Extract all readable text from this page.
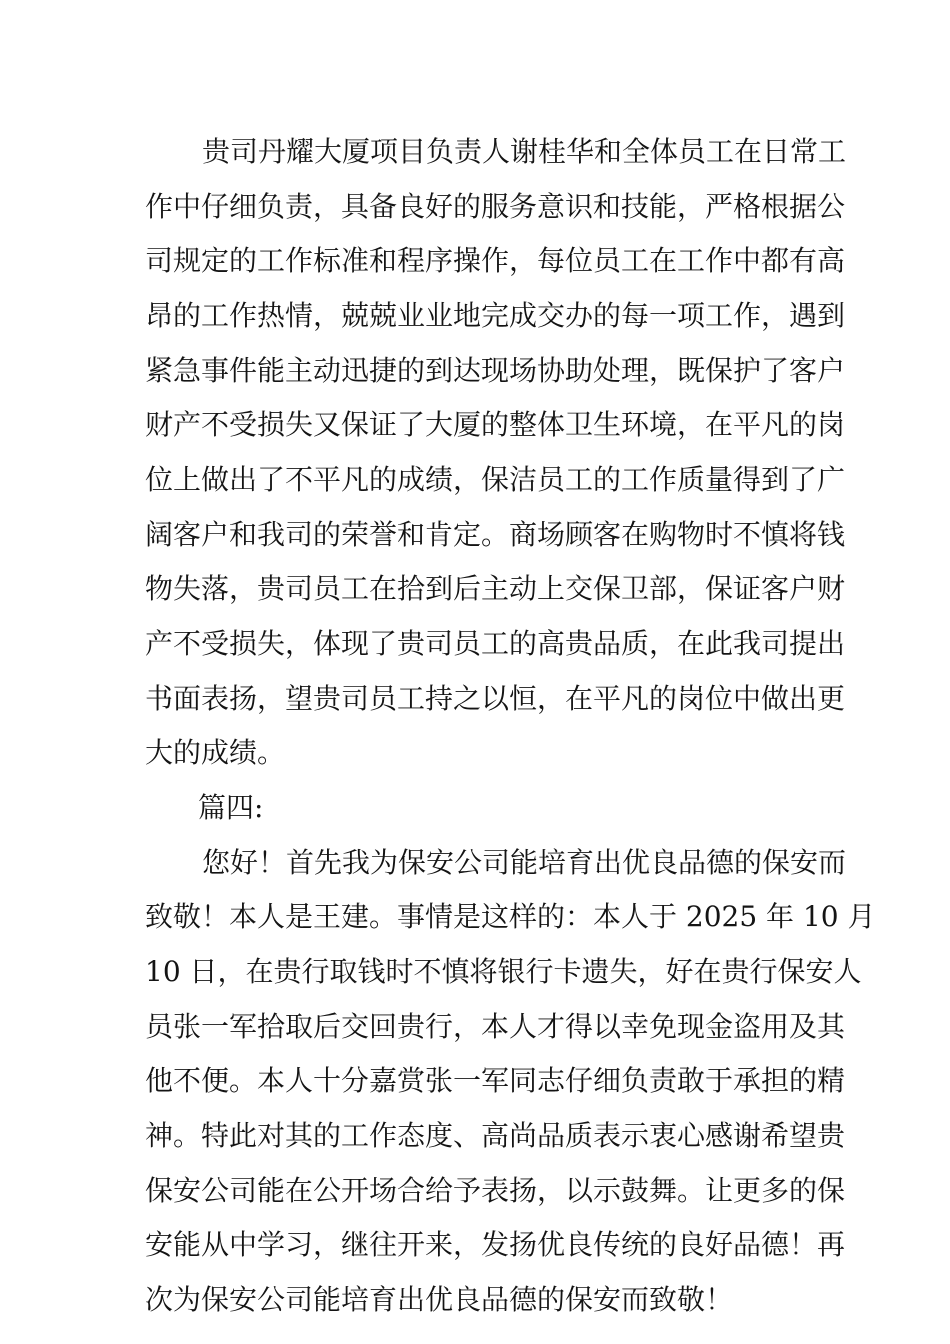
贵司丹耀大厦项目负责人谢桂华和全体员工在日常工
作中仔细负责，具备良好的服务意识和技能，严格根据公
司规定的工作标准和程序操作，每位员工在工作中都有高
昂的工作热情，兢兢业业地完成交办的每一项工作，遇到
紧急事件能主动迅捷的到达现场协助处理，既保护了客户
财产不受损失又保证了大厦的整体卫生环境，在平凡的岗
位上做出了不平凡的成绩，保洁员工的工作质量得到了广
阔客户和我司的荣誉和肯定。商场顾客在购物时不慎将钱
物失落，贵司员工在拾到后主动上交保卫部，保证客户财
产不受损失，体现了贵司员工的高贵品质，在此我司提出
书面表扬，望贵司员工持之以恒，在平凡的岗位中做出更
大的成绩。
篇四:
您好！首先我为保安公司能培育出优良品德的保安而
致敬！本人是王建。事情是这样的：本人于 2025 年 10 月
10 日，在贵行取钱时不慎将银行卡遗失，好在贵行保安人
员张一军拾取后交回贵行，本人才得以幸免现金盗用及其
他不便。本人十分嘉赏张一军同志仔细负责敢于承担的精
神。特此对其的工作态度、高尚品质表示衷心感谢希望贵
保安公司能在公开场合给予表扬，以示鼓舞。让更多的保
安能从中学习，继往开来，发扬优良传统的良好品德！再
次为保安公司能培育出优良品德的保安而致敬！
